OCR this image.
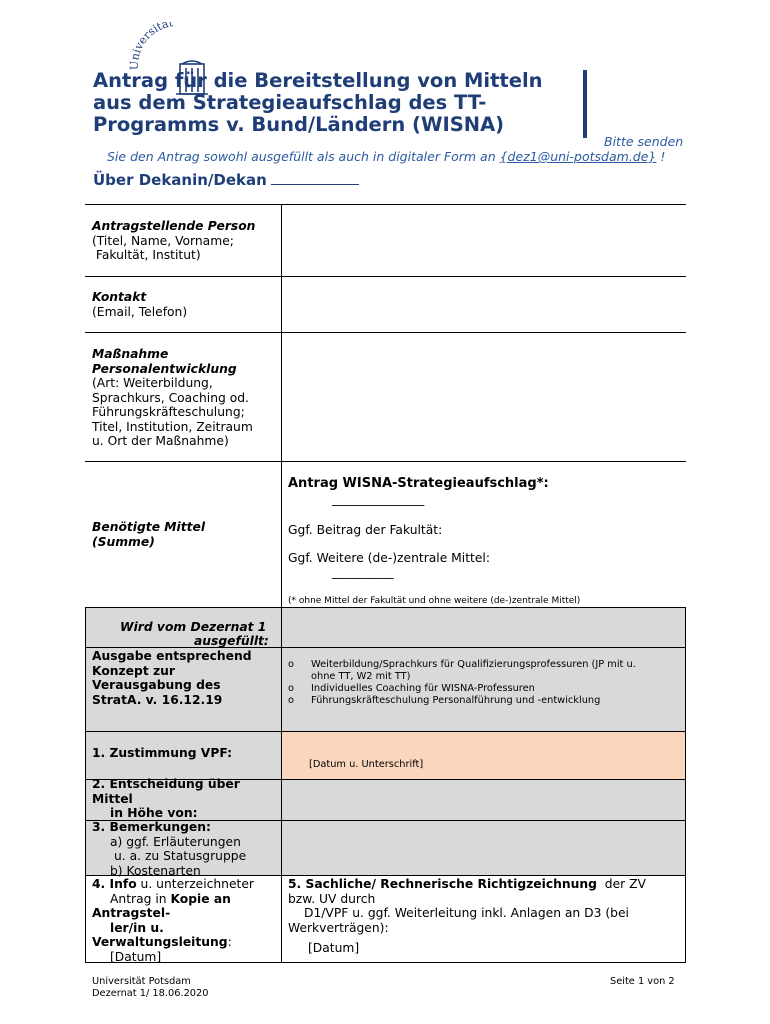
Universität
Antrag für die Bereitstellung von Mitteln
aus dem Strategieaufschlag des TT-
Programms v. Bund/Ländern (WISNA)
Bitte senden
Sie den Antrag sowohl ausgefüllt als auch in digitaler Form an {dez1@uni-potsdam.de} !
Über Dekanin/Dekan
Antragstellende Person
(Titel, Name, Vorname;
Fakultät, Institut)
Kontakt
(Email, Telefon)
Maßnahme
Personalentwicklung
(Art: Weiterbildung,
Sprachkurs, Coaching od.
Führungskräfteschulung;
Titel, Institution, Zeitraum
u. Ort der Maßnahme)
Benötigte Mittel
(Summe)
Antrag WISNA-Strategieaufschlag*:
_______________
Ggf. Beitrag der Fakultät:
Ggf. Weitere (de-)zentrale Mittel:
__________
(* ohne Mittel der Fakultät und ohne weitere (de-)zentrale Mittel)
Wird vom Dezernat 1
ausgefüllt:
Ausgabe entsprechend
Konzept zur
Verausgabung des
StratA. v. 16.12.19
o Weiterbildung/Sprachkurs für Qualifizierungsprofessuren (JP mit u.
ohne TT, W2 mit TT)
o Individuelles Coaching für WISNA-Professuren
o Führungskräfteschulung Personalführung und -entwicklung
1. Zustimmung VPF:
[Datum u. Unterschrift]
2. Entscheidung über
Mittel
in Höhe von:
3. Bemerkungen:
a) ggf. Erläuterungen
u. a. zu Statusgruppe
b) Kostenarten
4. Info u. unterzeichneter
Antrag in Kopie an
Antragstel-
ler/in u.
Verwaltungsleitung:
[Datum]
5. Sachliche/ Rechnerische Richtigzeichnung  der ZV
bzw. UV durch
D1/VPF u. ggf. Weiterleitung inkl. Anlagen an D3 (bei
Werkverträgen):
[Datum]
Universität Potsdam
Dezernat 1/ 18.06.2020
Seite 1 von 2
